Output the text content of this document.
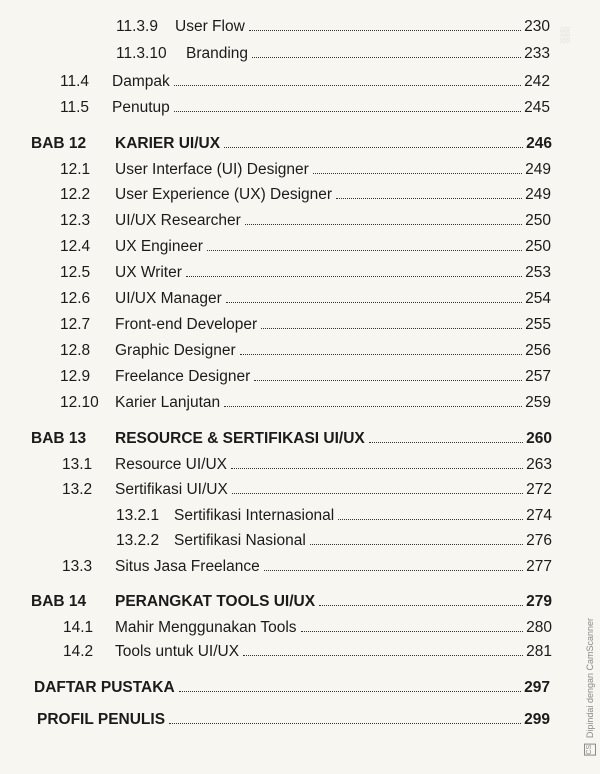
▒
11.3.9	User Flow	230
11.3.10	Branding	233
11.4	Dampak	242
11.5	Penutup	245
BAB 12	KARIER UI/UX	246
12.1	User Interface (UI) Designer	249
12.2	User Experience (UX) Designer	249
12.3	UI/UX Researcher	250
12.4	UX Engineer	250
12.5	UX Writer	253
12.6	UI/UX Manager	254
12.7	Front-end Developer	255
12.8	Graphic Designer	256
12.9	Freelance Designer	257
12.10	Karier Lanjutan	259
BAB 13	RESOURCE & SERTIFIKASI UI/UX	260
13.1	Resource UI/UX	263
13.2	Sertifikasi UI/UX	272
13.2.1 Sertifikasi Internasional	274
13.2.2 Sertifikasi Nasional	276
13.3	Situs Jasa Freelance	277
BAB 14	PERANGKAT TOOLS UI/UX	279
14.1	Mahir Menggunakan Tools	280
14.2	Tools untuk UI/UX	281
DAFTAR PUSTAKA	297
PROFIL PENULIS	299
CS Dipindai dengan CamScanner
